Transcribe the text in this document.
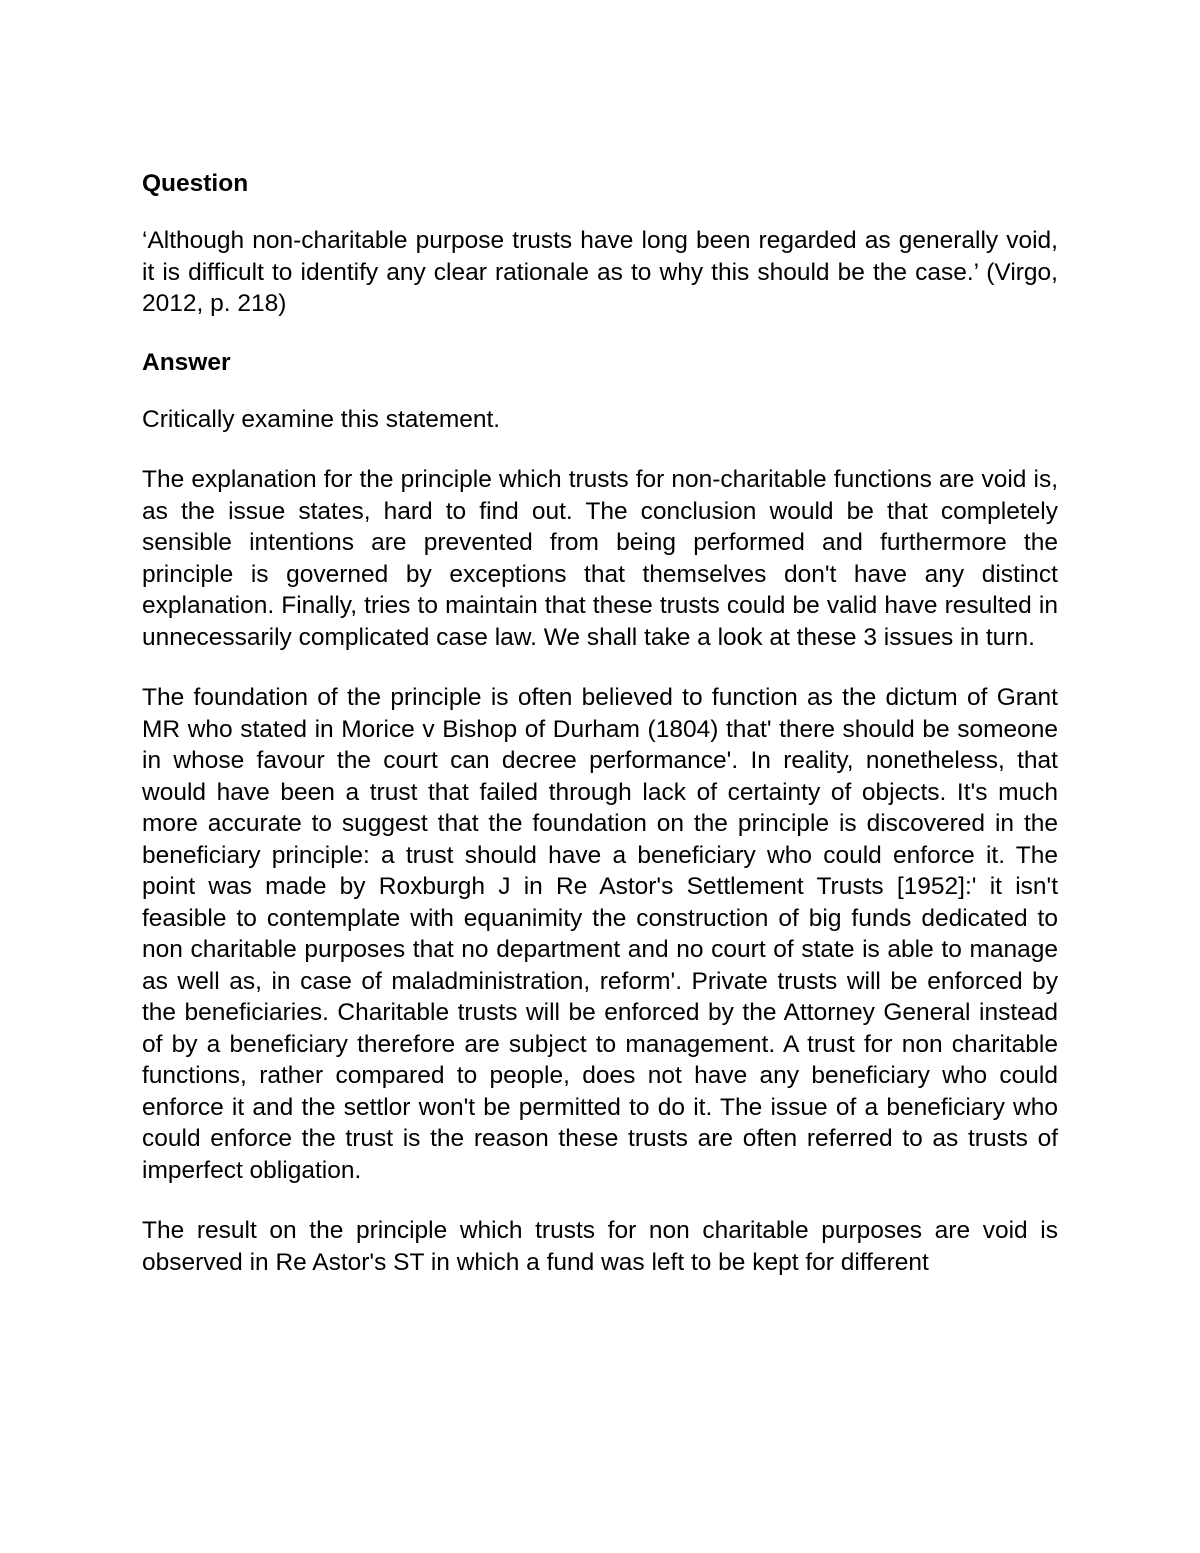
Question

‘Although non-charitable purpose trusts have long been regarded as generally void, it is difficult to identify any clear rationale as to why this should be the case.’ (Virgo, 2012, p. 218)

Answer

Critically examine this statement.

The explanation for the principle which trusts for non-charitable functions are void is, as the issue states, hard to find out. The conclusion would be that completely sensible intentions are prevented from being performed and furthermore the principle is governed by exceptions that themselves don't have any distinct explanation. Finally, tries to maintain that these trusts could be valid have resulted in unnecessarily complicated case law. We shall take a look at these 3 issues in turn.

The foundation of the principle is often believed to function as the dictum of Grant MR who stated in Morice v Bishop of Durham (1804) that' there should be someone in whose favour the court can decree performance'. In reality, nonetheless, that would have been a trust that failed through lack of certainty of objects. It's much more accurate to suggest that the foundation on the principle is discovered in the beneficiary principle: a trust should have a beneficiary who could enforce it. The point was made by Roxburgh J in Re Astor's Settlement Trusts [1952]:' it isn't feasible to contemplate with equanimity the construction of big funds dedicated to non charitable purposes that no department and no court of state is able to manage as well as, in case of maladministration, reform'. Private trusts will be enforced by the beneficiaries. Charitable trusts will be enforced by the Attorney General instead of by a beneficiary therefore are subject to management. A trust for non charitable functions, rather compared to people, does not have any beneficiary who could enforce it and the settlor won't be permitted to do it. The issue of a beneficiary who could enforce the trust is the reason these trusts are often referred to as trusts of imperfect obligation.

The result on the principle which trusts for non charitable purposes are void is observed in Re Astor's ST in which a fund was left to be kept for different
